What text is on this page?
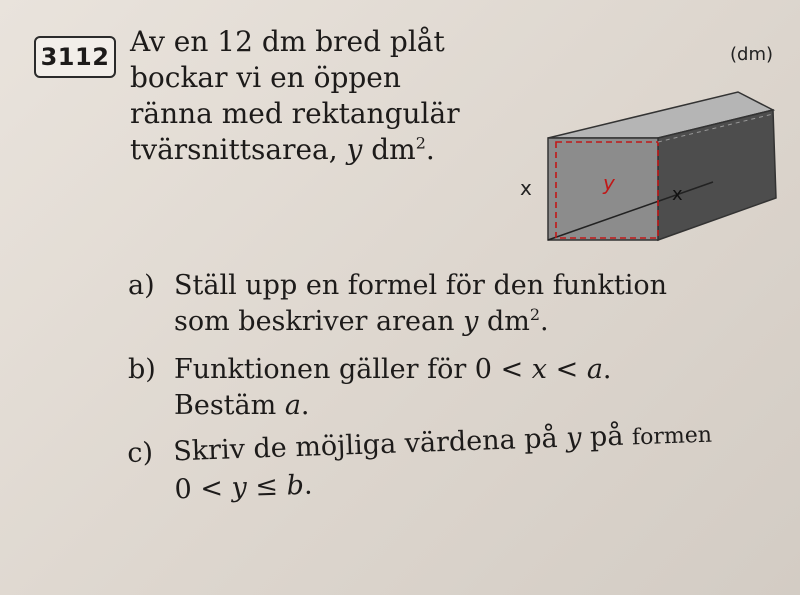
3112 Av en 12 dm bred plåt
bockar vi en öppen
ränna med rektangulär
tvärsnittsarea, y $dm^2$.

(dm)
x	y	x
a) Ställ upp en formel för den funktion
som beskriver arean y $dm^2$.
b) Funktionen gäller för 0 < x < a.
Bestäm a.
c) Skriv de möjliga värdena på y på formen
0 < y ≤ b.
